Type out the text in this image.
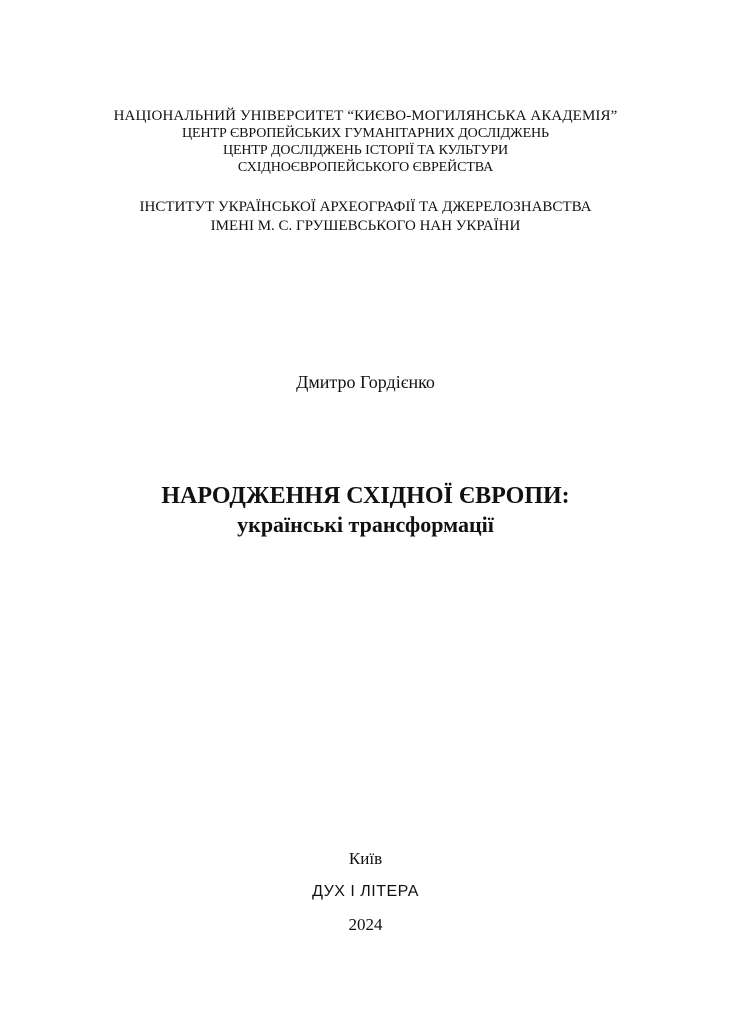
НАЦІОНАЛЬНИЙ УНІВЕРСИТЕТ “КИЄВО-МОГИЛЯНСЬКА АКАДЕМІЯ”
ЦЕНТР ЄВРОПЕЙСЬКИХ ГУМАНІТАРНИХ ДОСЛІДЖЕНЬ
ЦЕНТР ДОСЛІДЖЕНЬ ІСТОРІЇ ТА КУЛЬТУРИ
СХІДНОЄВРОПЕЙСЬКОГО ЄВРЕЙСТВА
ІНСТИТУТ УКРАЇНСЬКОЇ АРХЕОГРАФІЇ ТА ДЖЕРЕЛОЗНАВСТВА
ІМЕНІ М. С. ГРУШЕВСЬКОГО НАН УКРАЇНИ
Дмитро Гордієнко
НАРОДЖЕННЯ СХІДНОЇ ЄВРОПИ:
українські трансформації
Київ
ДУХ І ЛІТЕРА
2024
